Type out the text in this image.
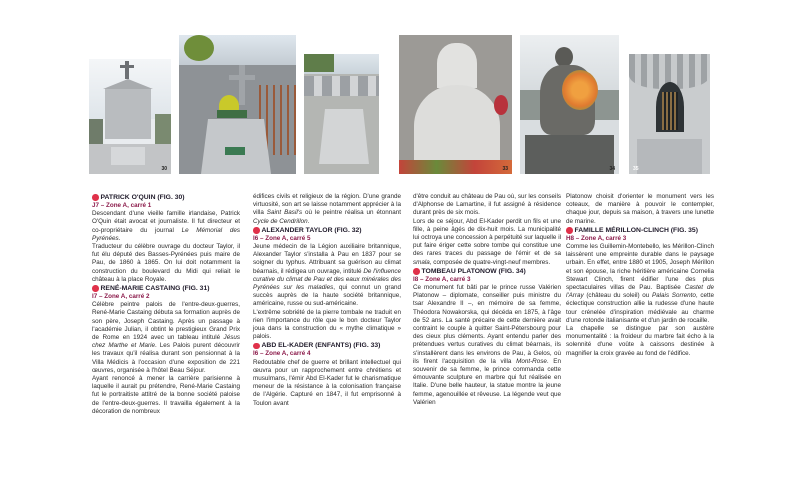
30	33	34	35
PATRICK O'QUIN (FIG. 30)
J7 – Zone A, carré 1

Descendant d'une vieille famille irlandaise, Patrick O'Quin était avocat et journaliste. Il fut directeur et co-propriétaire du journal Le Mémorial des Pyrénées.

Traducteur du célèbre ouvrage du docteur Taylor, il fut élu député des Basses-Pyrénées puis maire de Pau, de 1860 à 1865. On lui doit notamment la construction du boulevard du Midi qui reliait le château à la place Royale.

RENÉ-MARIE CASTAING (FIG. 31)
I7 – Zone A, carré 2

Célèbre peintre palois de l'entre-deux-guerres, René-Marie Castaing débuta sa formation auprès de son père, Joseph Castaing. Après un passage à l'académie Julian, il obtint le prestigieux Grand Prix de Rome en 1924 avec un tableau intitulé Jésus chez Marthe et Marie. Les Palois purent découvrir les travaux qu'il réalisa durant son pensionnat à la Villa Médicis à l'occasion d'une exposition de 221 œuvres, organisée à l'hôtel Beau Séjour.

Ayant renoncé à mener la carrière parisienne à laquelle il aurait pu prétendre, René-Marie Castaing fut le portraitiste attitré de la bonne société paloise de l'entre-deux-guerres. Il travailla également à la décoration de nombreux

édifices civils et religieux de la région. D'une grande virtuosité, son art se laisse notamment apprécier à la villa Saint Basil's où le peintre réalisa un étonnant Cycle de Cendrillon.

ALEXANDER TAYLOR (FIG. 32)
I6 – Zone A, carré 5

Jeune médecin de la Légion auxiliaire britannique, Alexander Taylor s'installa à Pau en 1837 pour se soigner du typhus. Attribuant sa guérison au climat béarnais, il rédigea un ouvrage, intitulé De l'influence curative du climat de Pau et des eaux minérales des Pyrénées sur les maladies, qui connut un grand succès auprès de la haute société britannique, américaine, russe ou sud-américaine.

L'extrême sobriété de la pierre tombale ne traduit en rien l'importance du rôle que le bon docteur Taylor joua dans la construction du « mythe climatique » palois.

ABD EL-KADER (ENFANTS) (FIG. 33)
I6 – Zone A, carré 4

Redoutable chef de guerre et brillant intellectuel qui œuvra pour un rapprochement entre chrétiens et musulmans, l'émir Abd El-Kader fut le charismatique meneur de la résistance à la colonisation française de l'Algérie. Capturé en 1847, il fut emprisonné à Toulon avant

d'être conduit au château de Pau où, sur les conseils d'Alphonse de Lamartine, il fut assigné à résidence durant près de six mois.

Lors de ce séjour, Abd El-Kader perdit un fils et une fille, à peine âgés de dix-huit mois. La municipalité lui octroya une concession à perpétuité sur laquelle il put faire ériger cette sobre tombe qui constitue une des rares traces du passage de l'émir et de sa smala, composée de quatre-vingt-neuf membres.

TOMBEAU PLATONOW (FIG. 34)
I8 – Zone A, carré 3

Ce monument fut bâti par le prince russe Valérien Platonow – diplomate, conseiller puis ministre du tsar Alexandre II –, en mémoire de sa femme, Théodora Nowakorska, qui décéda en 1875, à l'âge de 52 ans. La santé précaire de cette dernière avait contraint le couple à quitter Saint-Pétersbourg pour des cieux plus cléments. Ayant entendu parler des prétendues vertus curatives du climat béarnais, ils s'installèrent dans les environs de Pau, à Gelos, où ils firent l'acquisition de la villa Mont-Rose. En souvenir de sa femme, le prince commanda cette émouvante sculpture en marbre qui fut réalisée en Italie. D'une belle hauteur, la statue montre la jeune femme, agenouillée et rêveuse. La légende veut que Valérien

Platonow choisit d'orienter le monument vers les coteaux, de manière à pouvoir le contempler, chaque jour, depuis sa maison, à travers une lunette de marine.

FAMILLE MÉRILLON-CLINCH (FIG. 35)
H8 – Zone A, carré 3

Comme les Guillemin-Montebello, les Mérillon-Clinch laissèrent une empreinte durable dans le paysage urbain. En effet, entre 1880 et 1905, Joseph Mérillon et son épouse, la riche héritière américaine Cornelia Stewart Clinch, firent édifier l'une des plus spectaculaires villas de Pau. Baptisée Castet de l'Array (château du soleil) ou Palais Sorrento, cette éclectique construction allie la rudesse d'une haute tour crénelée d'inspiration médiévale au charme d'une rotonde italianisante et d'un jardin de rocaille.

La chapelle se distingue par son austère monumentalité : la froideur du marbre fait écho à la solennité d'une voûte à caissons destinée à magnifier la croix gravée au fond de l'édifice.
